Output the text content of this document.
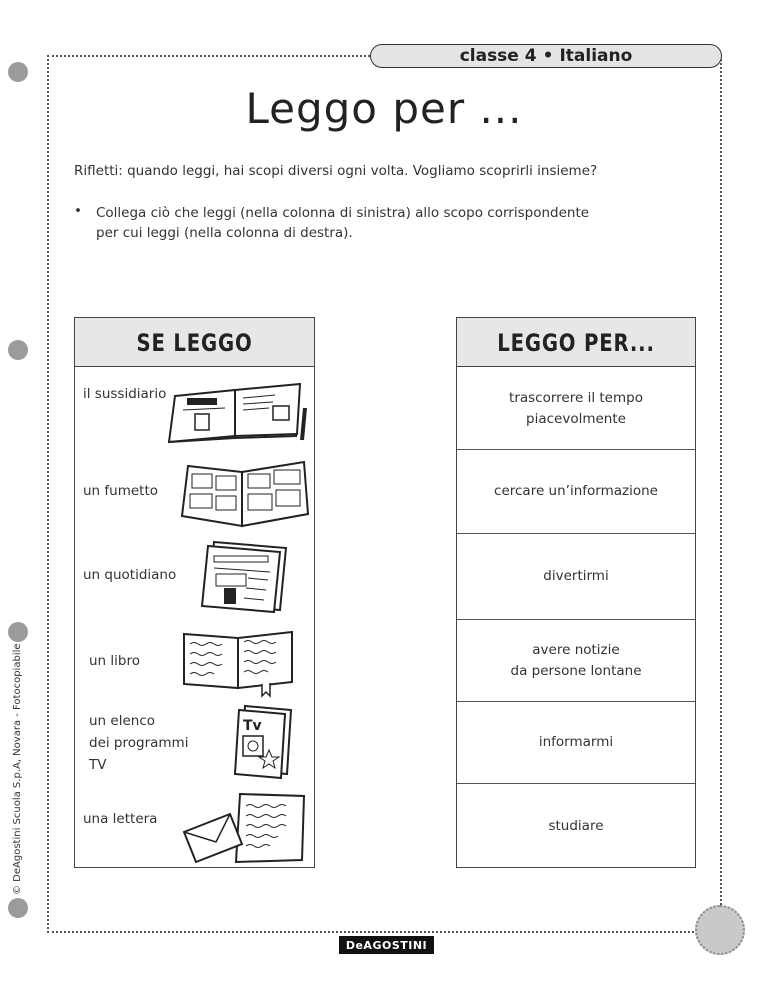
classe 4 • Italiano
Leggo per ...
Rifletti: quando leggi, hai scopi diversi ogni volta. Vogliamo scoprirli insieme?
•	Collega ciò che leggi (nella colonna di sinistra) allo scopo corrispondente
per cui leggi (nella colonna di destra).
SE LEGGO
il sussidiario
un fumetto
un quotidiano
un libro
un elenco
dei programmi
TV
Tv
una lettera
LEGGO PER...
trascorrere il tempo
piacevolmente
cercare un’informazione
divertirmi
avere notizie
da persone lontane
informarmi
studiare
© DeAgostini Scuola S.p.A, Novara - Fotocopiabile
DeAGOSTINI
